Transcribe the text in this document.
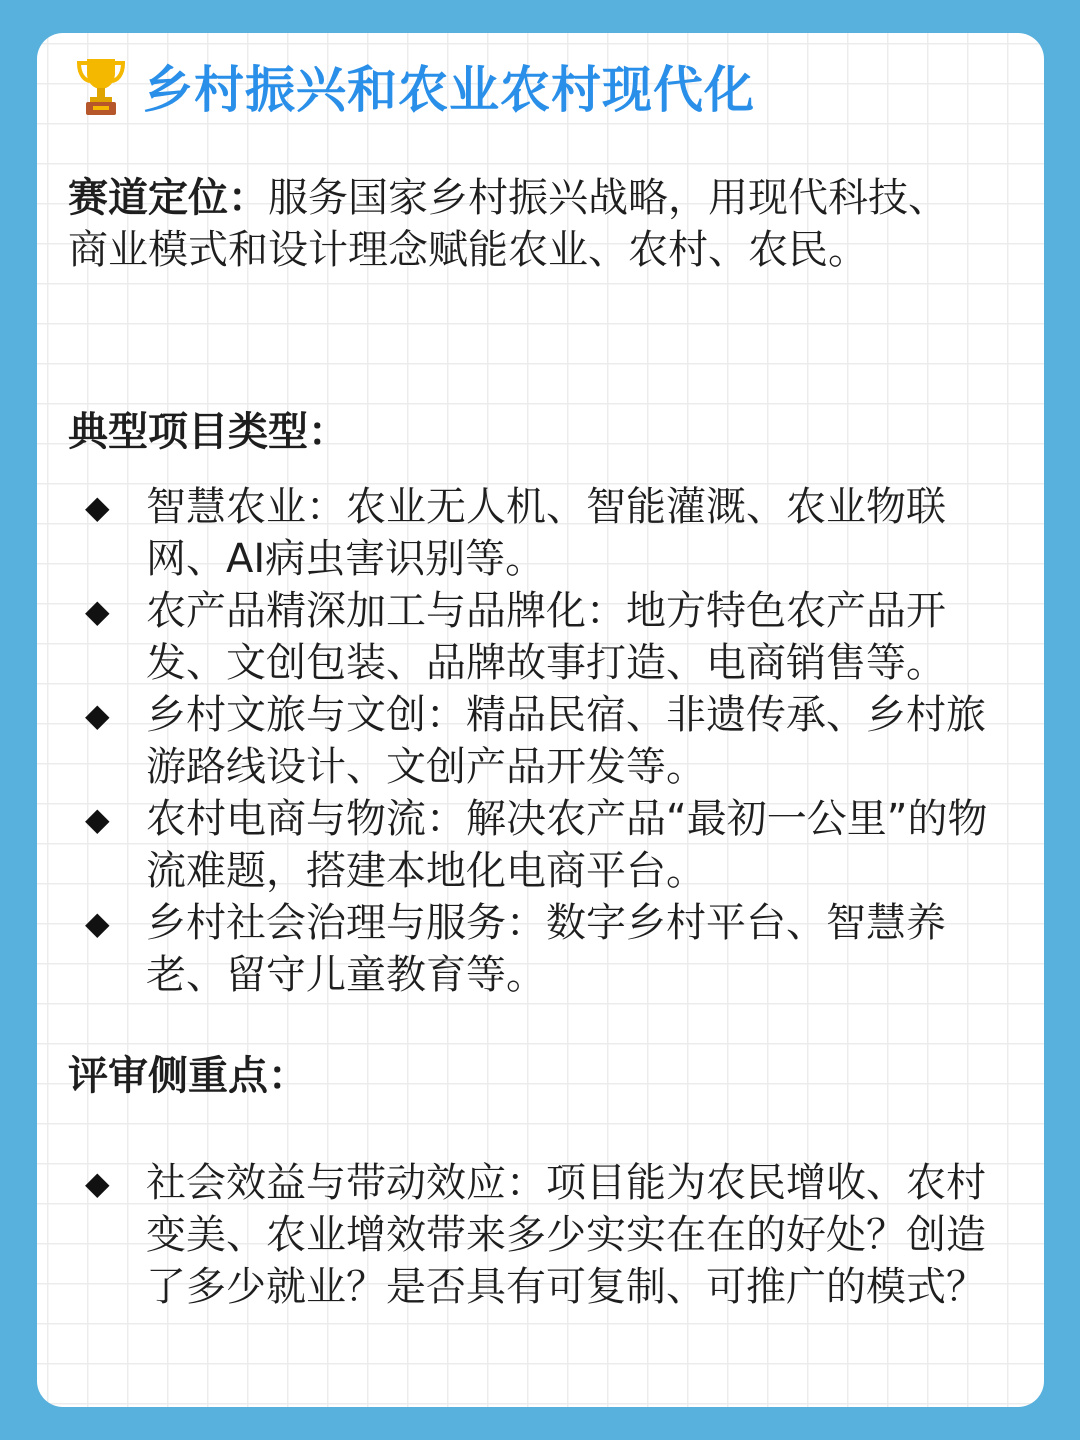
乡村振兴和农业农村现代化
赛道定位：服务国家乡村振兴战略，用现代科技、商业模式和设计理念赋能农业、农村、农民。
典型项目类型：
◆ 智慧农业：农业无人机、智能灌溉、农业物联网、AI病虫害识别等。
◆ 农产品精深加工与品牌化：地方特色农产品开发、文创包装、品牌故事打造、电商销售等。
◆ 乡村文旅与文创：精品民宿、非遗传承、乡村旅游路线设计、文创产品开发等。
◆ 农村电商与物流：解决农产品“最初一公里”的物流难题，搭建本地化电商平台。
◆ 乡村社会治理与服务：数字乡村平台、智慧养老、留守儿童教育等。
评审侧重点：
◆ 社会效益与带动效应：项目能为农民增收、农村变美、农业增效带来多少实实在在的好处？创造了多少就业？是否具有可复制、可推广的模式？
